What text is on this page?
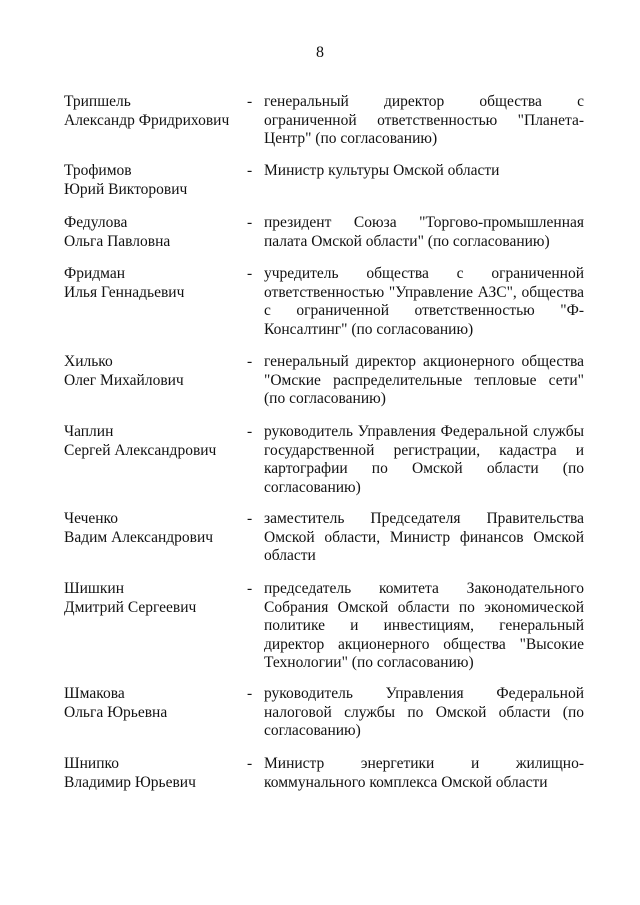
8
Трипшель
Александр Фридрихович
- генеральный директор общества с ограниченной ответственностью "Планета-Центр" (по согласованию)
Трофимов
Юрий Викторович
- Министр культуры Омской области
Федулова
Ольга Павловна
- президент Союза "Торгово-промышленная палата Омской области" (по согласованию)
Фридман
Илья Геннадьевич
- учредитель общества с ограниченной ответственностью "Управление АЗС", общества с ограниченной ответственностью "Ф-Консалтинг" (по согласованию)
Хилько
Олег Михайлович
- генеральный директор акционерного общества "Омские распределительные тепловые сети" (по согласованию)
Чаплин
Сергей Александрович
- руководитель Управления Федеральной службы государственной регистрации, кадастра и картографии по Омской области (по согласованию)
Чеченко
Вадим Александрович
- заместитель Председателя Правительства Омской области, Министр финансов Омской области
Шишкин
Дмитрий Сергеевич
- председатель комитета Законодательного Собрания Омской области по экономической политике и инвестициям, генеральный директор акционерного общества "Высокие Технологии" (по согласованию)
Шмакова
Ольга Юрьевна
- руководитель Управления Федеральной налоговой службы по Омской области (по согласованию)
Шнипко
Владимир Юрьевич
- Министр энергетики и жилищно-коммунального комплекса Омской области
